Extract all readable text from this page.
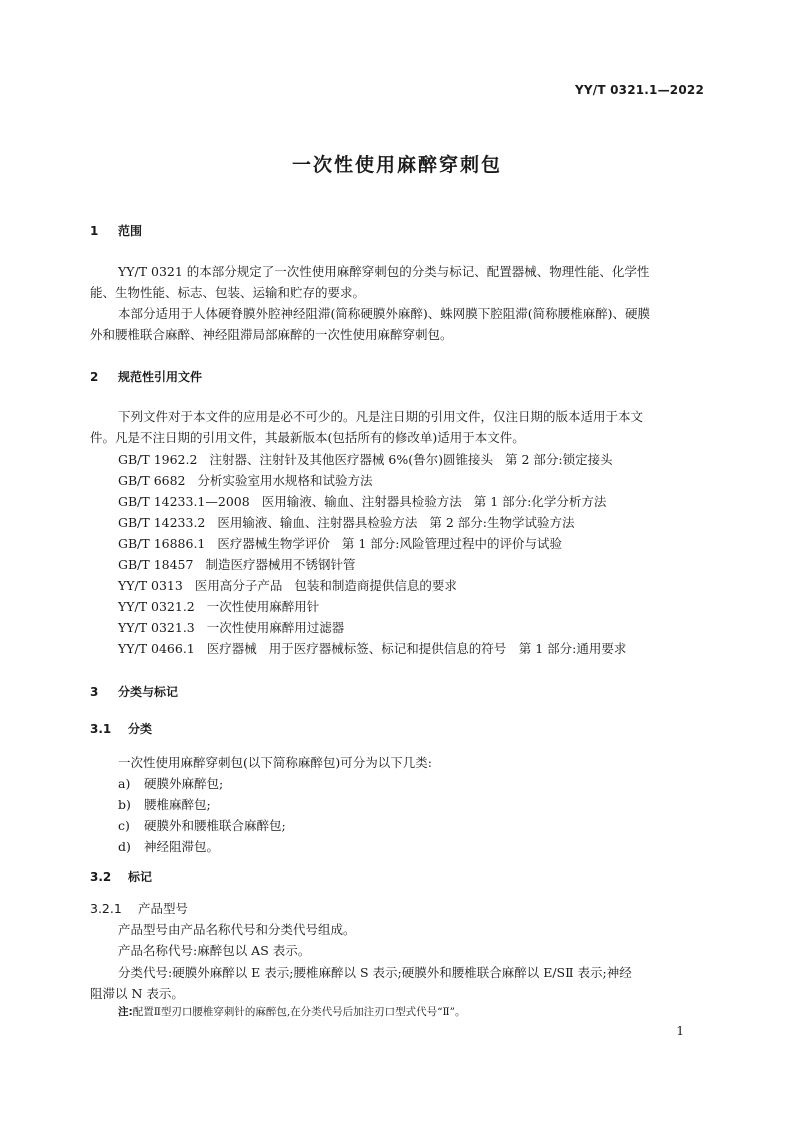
YY/T 0321.1—2022
一次性使用麻醉穿刺包
1 范围
YY/T 0321 的本部分规定了一次性使用麻醉穿刺包的分类与标记、配置器械、物理性能、化学性
能、生物性能、标志、包装、运输和贮存的要求。
本部分适用于人体硬脊膜外腔神经阻滞(简称硬膜外麻醉)、蛛网膜下腔阻滞(简称腰椎麻醉)、硬膜
外和腰椎联合麻醉、神经阻滞局部麻醉的一次性使用麻醉穿刺包。
2 规范性引用文件
下列文件对于本文件的应用是必不可少的。凡是注日期的引用文件，仅注日期的版本适用于本文
件。凡是不注日期的引用文件，其最新版本(包括所有的修改单)适用于本文件。
GB/T 1962.2 注射器、注射针及其他医疗器械 6%(鲁尔)圆锥接头 第 2 部分:锁定接头
GB/T 6682 分析实验室用水规格和试验方法
GB/T 14233.1—2008 医用输液、输血、注射器具检验方法 第 1 部分:化学分析方法
GB/T 14233.2 医用输液、输血、注射器具检验方法 第 2 部分:生物学试验方法
GB/T 16886.1 医疗器械生物学评价 第 1 部分:风险管理过程中的评价与试验
GB/T 18457 制造医疗器械用不锈钢针管
YY/T 0313 医用高分子产品 包装和制造商提供信息的要求
YY/T 0321.2 一次性使用麻醉用针
YY/T 0321.3 一次性使用麻醉用过滤器
YY/T 0466.1 医疗器械 用于医疗器械标签、标记和提供信息的符号　第 1 部分:通用要求
3 分类与标记
3.1 分类
一次性使用麻醉穿刺包(以下简称麻醉包)可分为以下几类:
a) 硬膜外麻醉包;
b) 腰椎麻醉包;
c) 硬膜外和腰椎联合麻醉包;
d) 神经阻滞包。
3.2 标记
3.2.1 产品型号
产品型号由产品名称代号和分类代号组成。
产品名称代号:麻醉包以 AS 表示。
分类代号:硬膜外麻醉以 E 表示;腰椎麻醉以 S 表示;硬膜外和腰椎联合麻醉以 E/SⅡ 表示;神经
阻滞以 N 表示。
注:配置Ⅱ型刃口腰椎穿刺针的麻醉包,在分类代号后加注刃口型式代号“Ⅱ”。
1
